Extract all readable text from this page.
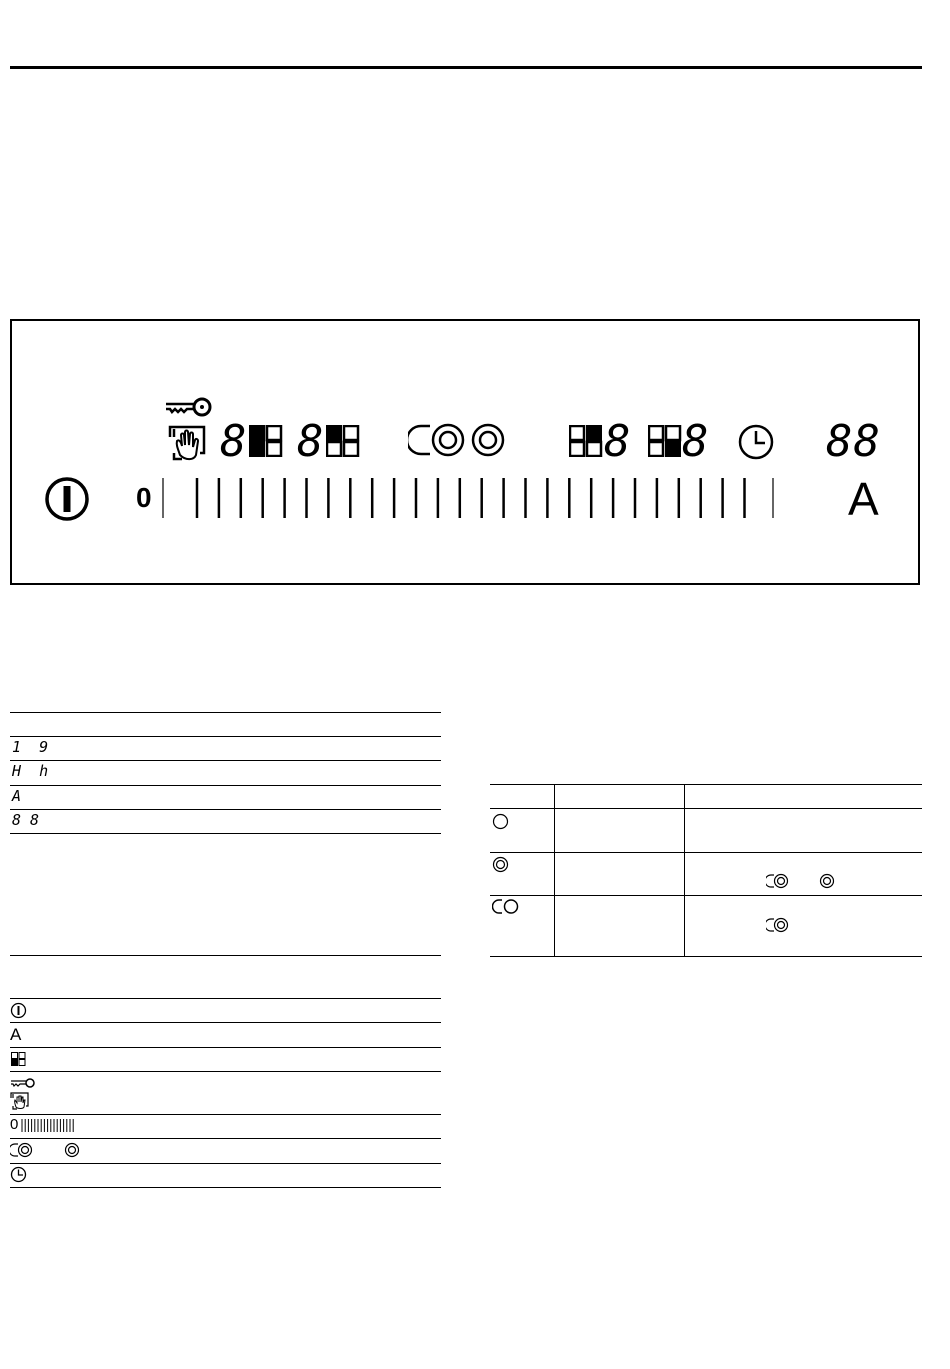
8 8	8 8	88
0	A
1  9
H  h
A
8 8
A
0
